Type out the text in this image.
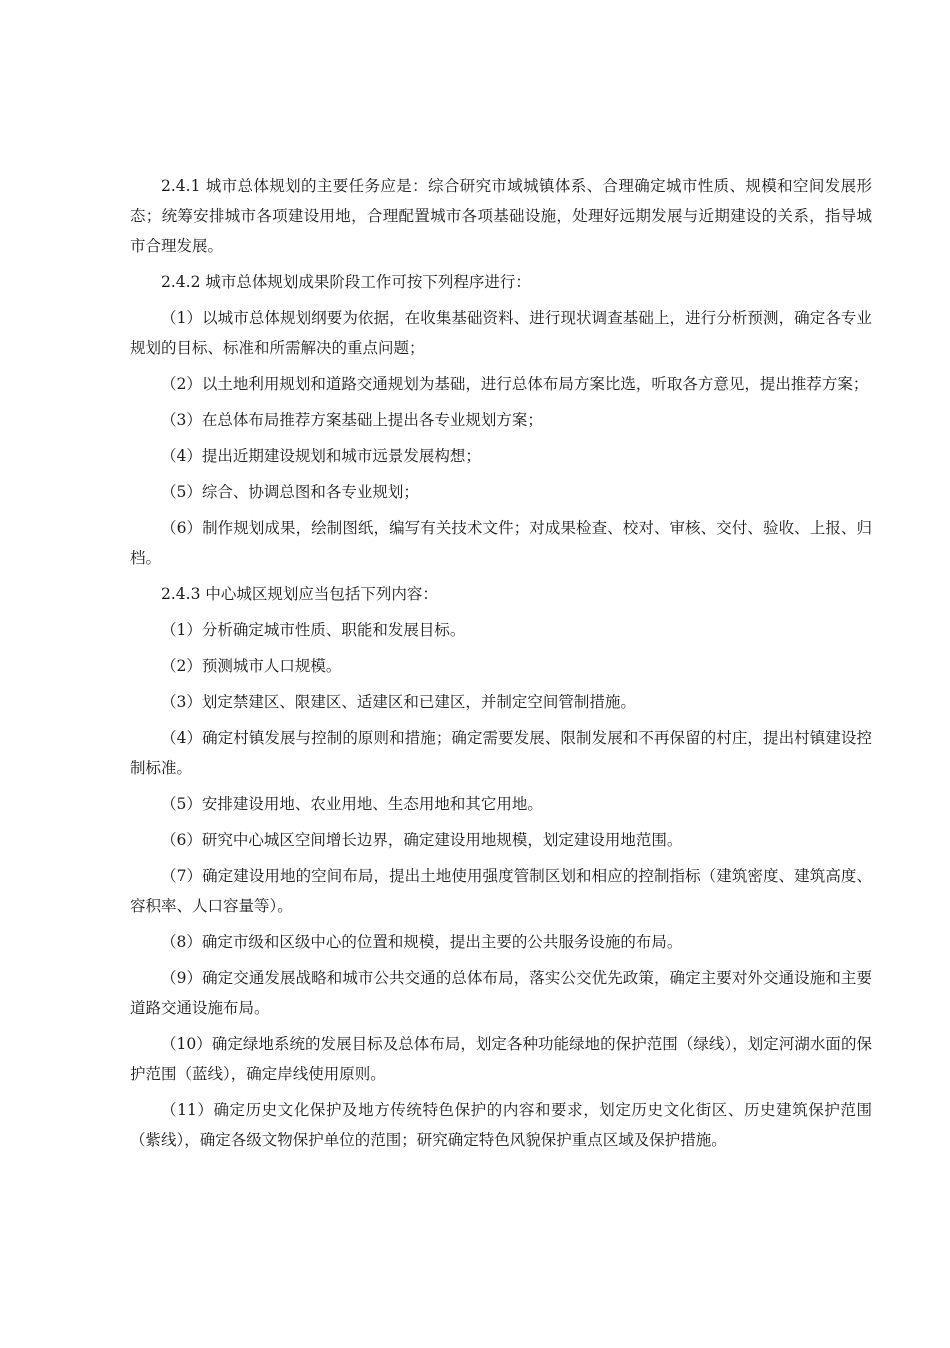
2.4.1 城市总体规划的主要任务应是：综合研究市域城镇体系、合理确定城市性质、规模和空间发展形态；统筹安排城市各项建设用地，合理配置城市各项基础设施，处理好远期发展与近期建设的关系，指导城市合理发展。

2.4.2 城市总体规划成果阶段工作可按下列程序进行：

（1）以城市总体规划纲要为依据，在收集基础资料、进行现状调查基础上，进行分析预测，确定各专业规划的目标、标准和所需解决的重点问题；

（2）以土地利用规划和道路交通规划为基础，进行总体布局方案比选，听取各方意见，提出推荐方案；

（3）在总体布局推荐方案基础上提出各专业规划方案；

（4）提出近期建设规划和城市远景发展构想；

（5）综合、协调总图和各专业规划；

（6）制作规划成果，绘制图纸，编写有关技术文件；对成果检查、校对、审核、交付、验收、上报、归档。

2.4.3 中心城区规划应当包括下列内容：

（1）分析确定城市性质、职能和发展目标。

（2）预测城市人口规模。

（3）划定禁建区、限建区、适建区和已建区，并制定空间管制措施。

（4）确定村镇发展与控制的原则和措施；确定需要发展、限制发展和不再保留的村庄，提出村镇建设控制标准。

（5）安排建设用地、农业用地、生态用地和其它用地。

（6）研究中心城区空间增长边界，确定建设用地规模，划定建设用地范围。

（7）确定建设用地的空间布局，提出土地使用强度管制区划和相应的控制指标（建筑密度、建筑高度、容积率、人口容量等）。

（8）确定市级和区级中心的位置和规模，提出主要的公共服务设施的布局。

（9）确定交通发展战略和城市公共交通的总体布局，落实公交优先政策，确定主要对外交通设施和主要道路交通设施布局。

（10）确定绿地系统的发展目标及总体布局，划定各种功能绿地的保护范围（绿线），划定河湖水面的保护范围（蓝线），确定岸线使用原则。

（11）确定历史文化保护及地方传统特色保护的内容和要求，划定历史文化街区、历史建筑保护范围（紫线），确定各级文物保护单位的范围；研究确定特色风貌保护重点区域及保护措施。
